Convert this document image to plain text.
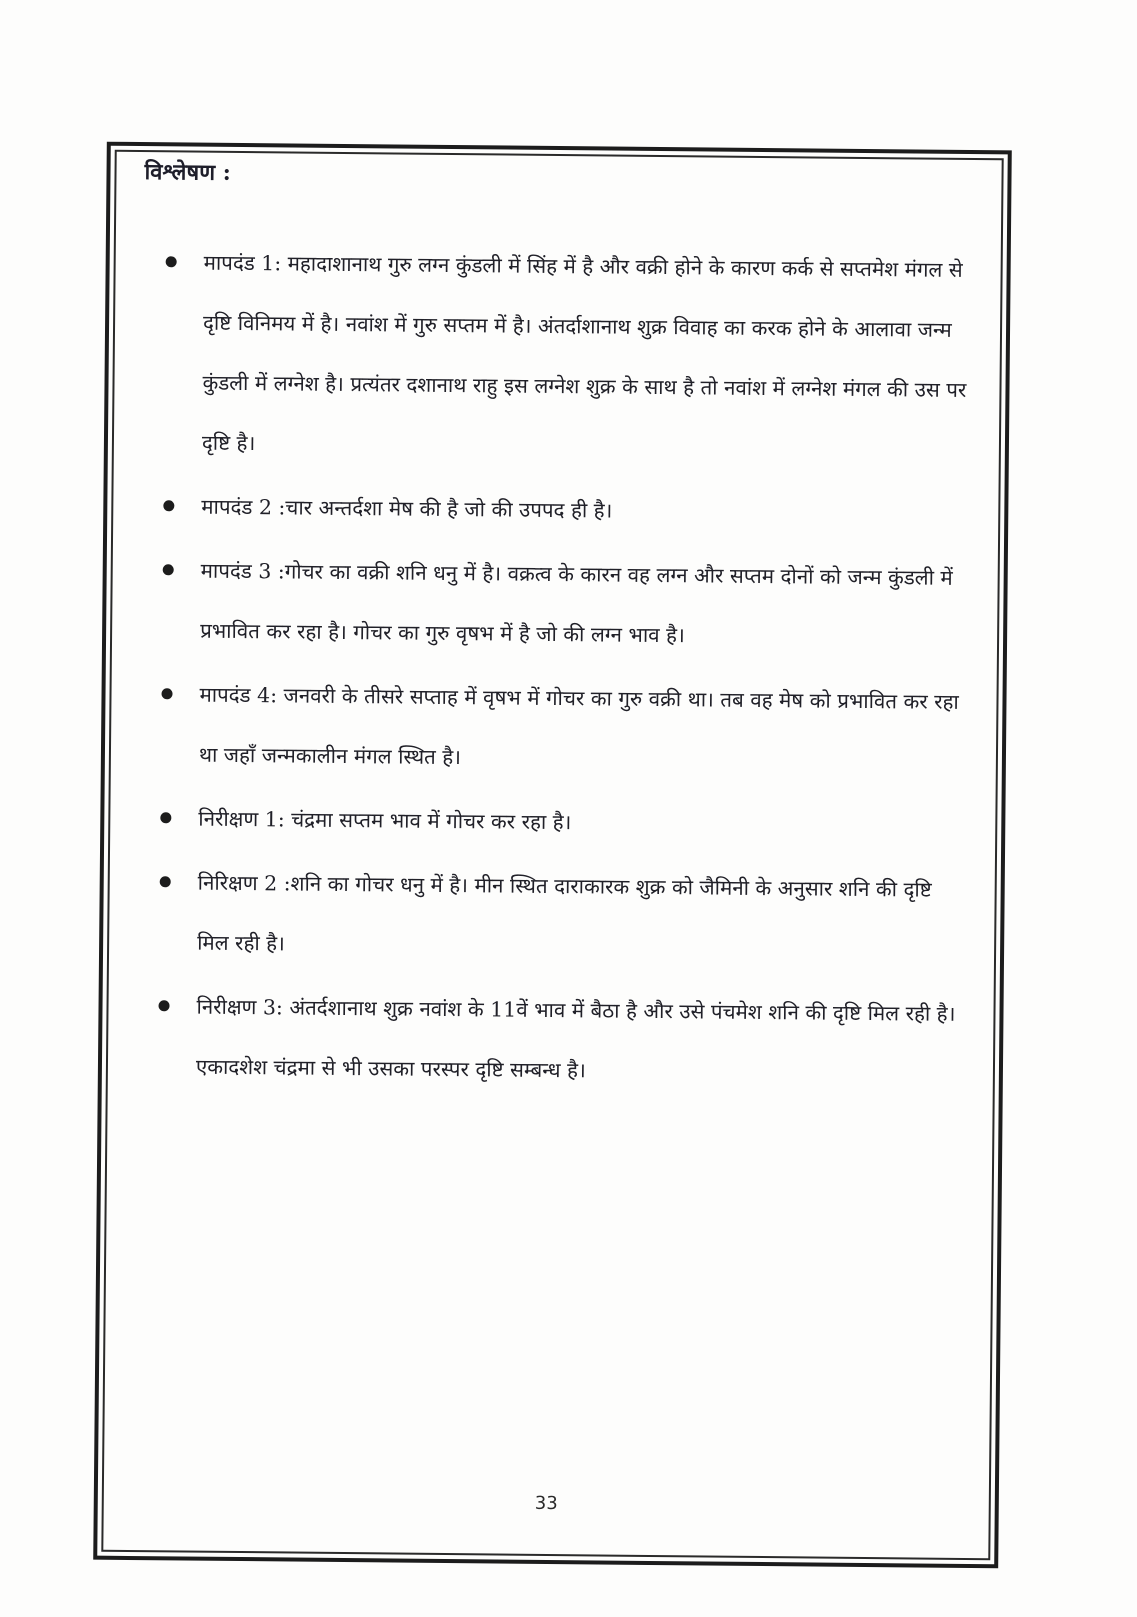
विश्लेषण :
मापदंड 1: महादाशानाथ गुरु लग्न कुंडली में सिंह में है और वक्री होने के कारण कर्क से सप्तमेश मंगल से दृष्टि विनिमय में है। नवांश में गुरु सप्तम में है। अंतर्दाशानाथ शुक्र विवाह का करक होने के आलावा जन्म कुंडली में लग्नेश है। प्रत्यंतर दशानाथ राहु इस लग्नेश शुक्र के साथ है तो नवांश में लग्नेश मंगल की उस पर दृष्टि है।
मापदंड 2 :चार अन्तर्दशा मेष की है जो की उपपद ही है।
मापदंड 3 :गोचर का वक्री शनि धनु में है। वक्रत्व के कारन वह लग्न और सप्तम दोनों को जन्म कुंडली में प्रभावित कर रहा है। गोचर का गुरु वृषभ में है जो की लग्न भाव है।
मापदंड 4: जनवरी के तीसरे सप्ताह में वृषभ में गोचर का गुरु वक्री था। तब वह मेष को प्रभावित कर रहा था जहाँ जन्मकालीन मंगल स्थित है।
निरीक्षण 1: चंद्रमा सप्तम भाव में गोचर कर रहा है।
निरिक्षण 2 :शनि का गोचर धनु में है। मीन स्थित दाराकारक शुक्र को जैमिनी के अनुसार शनि की दृष्टि मिल रही है।
निरीक्षण 3: अंतर्दशानाथ शुक्र नवांश के 11वें भाव में बैठा है और उसे पंचमेश शनि की दृष्टि मिल रही है। एकादशेश चंद्रमा से भी उसका परस्पर दृष्टि सम्बन्ध है।
33
